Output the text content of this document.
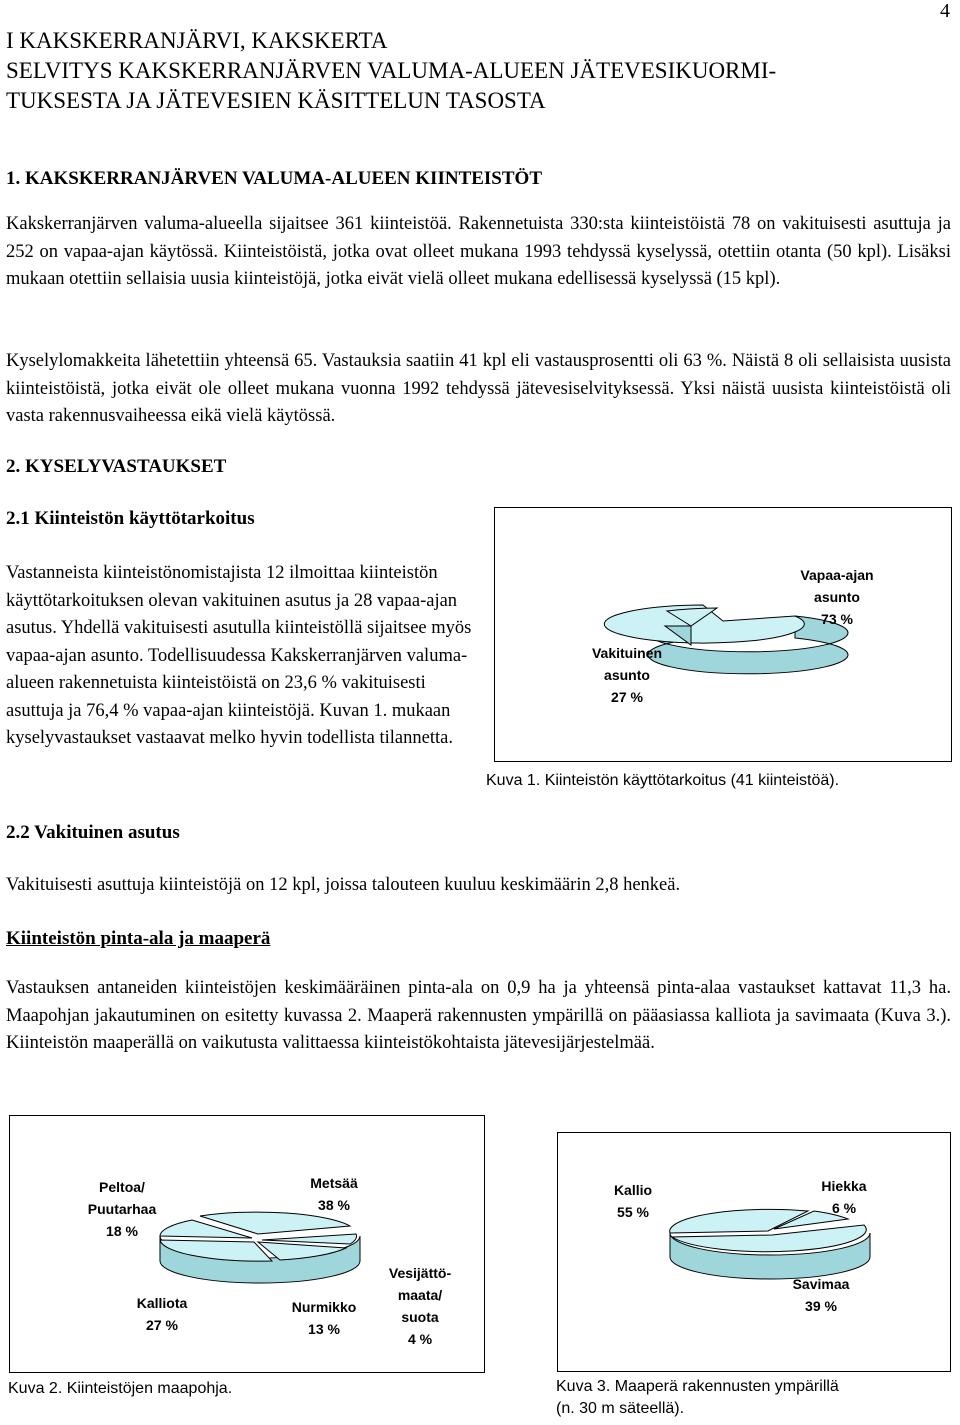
4
I KAKSKERRANJÄRVI, KAKSKERTA
SELVITYS KAKSKERRANJÄRVEN VALUMA-ALUEEN JÄTEVESIKUORMI-
TUKSESTA JA JÄTEVESIEN KÄSITTELUN TASOSTA
1. KAKSKERRANJÄRVEN VALUMA-ALUEEN KIINTEISTÖT

Kakskerranjärven valuma-alueella sijaitsee 361 kiinteistöä. Rakennetuista 330:sta kiinteistöistä 78 on vakituisesti asuttuja ja 252 on vapaa-ajan käytössä. Kiinteistöistä, jotka ovat olleet mukana 1993 tehdyssä kyselyssä, otettiin otanta (50 kpl). Lisäksi mukaan otettiin sellaisia uusia kiinteistöjä, jotka eivät vielä olleet mukana edellisessä kyselyssä (15 kpl).

Kyselylomakkeita lähetettiin yhteensä 65. Vastauksia saatiin 41 kpl eli vastausprosentti oli 63 %. Näistä 8 oli sellaisista uusista kiinteistöistä, jotka eivät ole olleet mukana vuonna 1992 tehdyssä jätevesiselvityksessä. Yksi näistä uusista kiinteistöistä oli vasta rakennusvaiheessa eikä vielä käytössä.

2. KYSELYVASTAUKSET
2.1 Kiinteistön käyttötarkoitus

Vastanneista kiinteistönomistajista 12 ilmoittaa kiinteistön käyttötarkoituksen olevan vakituinen asutus ja 28 vapaa-ajan asutus. Yhdellä vakituisesti asutulla kiinteistöllä sijaitsee myös vapaa-ajan asunto. Todellisuudessa Kakskerranjärven valuma-alueen rakennetuista kiinteistöistä on 23,6 % vakituisesti asuttuja ja 76,4 % vapaa-ajan kiinteistöjä. Kuvan 1. mukaan kyselyvastaukset vastaavat melko hyvin todellista tilannetta.

Vakituinen
asunto
27 %
Vapaa-ajan
asunto
73 %
Kuva 1. Kiinteistön käyttötarkoitus (41 kiinteistöä).
2.2 Vakituinen asutus

Vakituisesti asuttuja kiinteistöjä on 12 kpl, joissa talouteen kuuluu keskimäärin 2,8 henkeä.

Kiinteistön pinta-ala ja maaperä

Vastauksen antaneiden kiinteistöjen keskimääräinen pinta-ala on 0,9 ha ja yhteensä pinta-alaa vastaukset kattavat 11,3 ha. Maapohjan jakautuminen on esitetty kuvassa 2. Maaperä rakennusten ympärillä on pääasiassa kalliota ja savimaata (Kuva 3.). Kiinteistön maaperällä on vaikutusta valittaessa kiinteistökohtaista jätevesijärjestelmää.

Peltoa/
Puutarhaa
18 %
Metsää
38 %
Vesijättö-
maata/
suota
4 %
Nurmikko
13 %
Kalliota
27 %
Kuva 2. Kiinteistöjen maapohja.
Kallio
55 %
Hiekka
6 %
Savimaa
39 %
Kuva 3. Maaperä rakennusten ympärillä
(n. 30 m säteellä).
